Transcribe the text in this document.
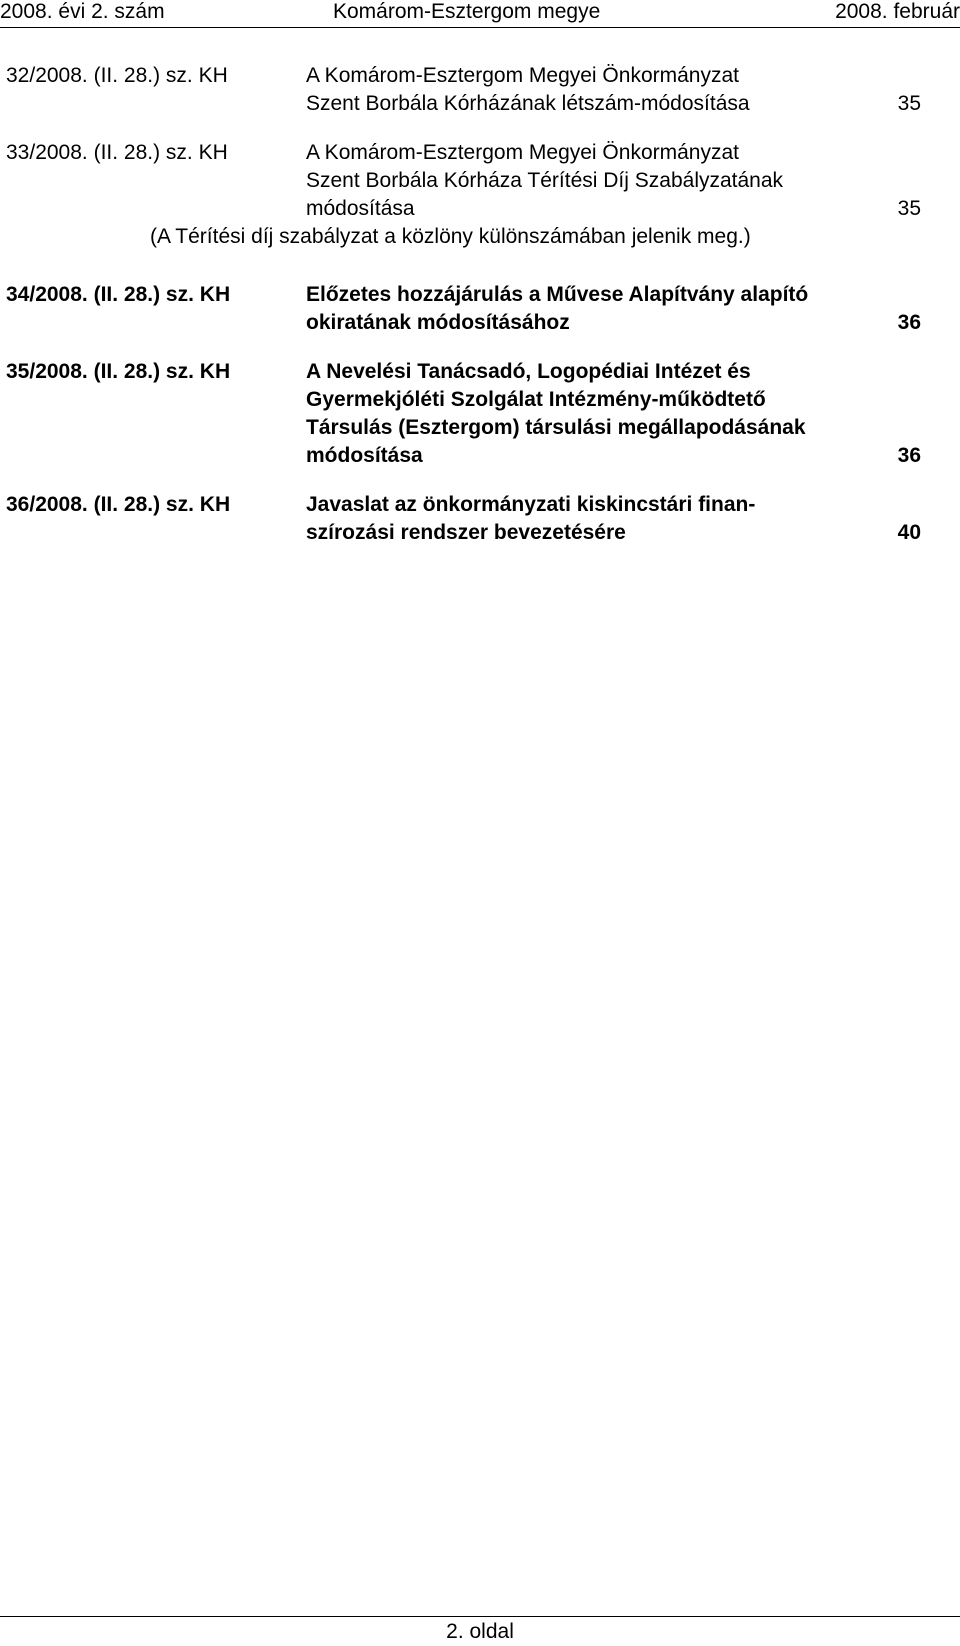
2008. évi 2. szám	Komárom-Esztergom megye	2008. február
32/2008. (II. 28.) sz. KH	A Komárom-Esztergom Megyei Önkormányzat
Szent Borbála Kórházának létszám-módosítása	35
33/2008. (II. 28.) sz. KH	A Komárom-Esztergom Megyei Önkormányzat
Szent Borbála Kórháza Térítési Díj Szabályzatának
módosítása	35
(A Térítési díj szabályzat a közlöny különszámában jelenik meg.)
34/2008. (II. 28.) sz. KH	Előzetes hozzájárulás a Művese Alapítvány alapító
okiratának módosításához	36
35/2008. (II. 28.) sz. KH	A Nevelési Tanácsadó, Logopédiai Intézet és
Gyermekjóléti Szolgálat Intézmény-működtető
Társulás (Esztergom) társulási megállapodásának
módosítása	36
36/2008. (II. 28.) sz. KH	Javaslat az önkormányzati kiskincstári finan-
szírozási rendszer bevezetésére	40
2. oldal
